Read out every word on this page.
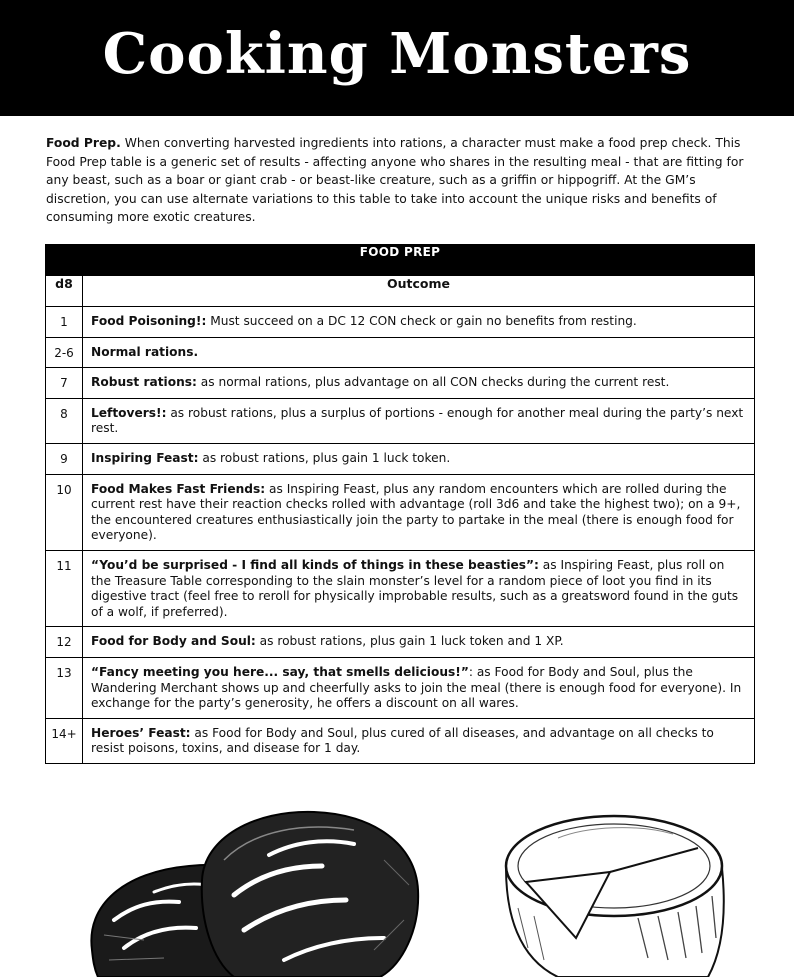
Cooking Monsters

Food Prep. When converting harvested ingredients into rations, a character must make a food prep check. This Food Prep table is a generic set of results - affecting anyone who shares in the resulting meal - that are fitting for any beast, such as a boar or giant crab - or beast-like creature, such as a griffin or hippogriff. At the GM’s discretion, you can use alternate variations to this table to take into account the unique risks and benefits of consuming more exotic creatures.

FOOD PREP	
d8	Outcome
1	Food Poisoning!: Must succeed on a DC 12 CON check or gain no benefits from resting.
2-6	Normal rations.
7	Robust rations: as normal rations, plus advantage on all CON checks during the current rest.
8	Leftovers!: as robust rations, plus a surplus of portions - enough for another meal during the party’s next rest.
9	Inspiring Feast: as robust rations, plus gain 1 luck token.
10	Food Makes Fast Friends: as Inspiring Feast, plus any random encounters which are rolled during the current rest have their reaction checks rolled with advantage (roll 3d6 and take the highest two); on a 9+, the encountered creatures enthusiastically join the party to partake in the meal (there is enough food for everyone).
11	“You’d be surprised - I find all kinds of things in these beasties”: as Inspiring Feast, plus roll on the Treasure Table corresponding to the slain monster’s level for a random piece of loot you find in its digestive tract (feel free to reroll for physically improbable results, such as a greatsword found in the guts of a wolf, if preferred).
12	Food for Body and Soul: as robust rations, plus gain 1 luck token and 1 XP.
13	“Fancy meeting you here... say, that smells delicious!”: as Food for Body and Soul, plus the Wandering Merchant shows up and cheerfully asks to join the meal (there is enough food for everyone). In exchange for the party’s generosity, he offers a discount on all wares.
14+	Heroes’ Feast: as Food for Body and Soul, plus cured of all diseases, and advantage on all checks to resist poisons, toxins, and disease for 1 day.
